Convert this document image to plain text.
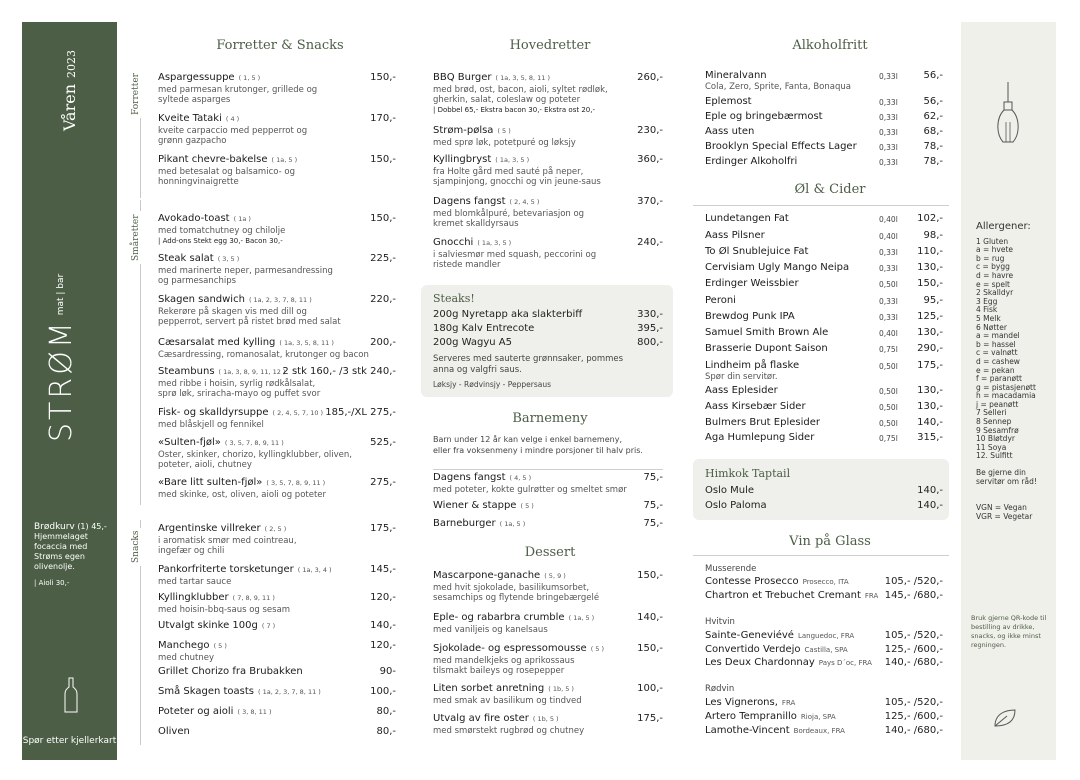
Våren2023
$STRØM^{mat | bar}$
Brødkurv (1) 45,-
Hjemmelaget focaccia med Strøms egen olivenolje.
| Aioli 30,-
Spør etter kjellerkart
Allergener:
1 Gluten
a = hvete
b = rug
c = bygg
d = havre
e = spelt
2 Skalldyr
3 Egg
4 Fisk
5 Melk
6 Nøtter
a = mandel
b = hassel
c = valnøtt
d = cashew
e = pekan
f = paranøtt
g = pistasjenøtt
h = macadamia
j = peanøtt
7 Selleri
8 Sennep
9 Sesamfrø
10 Bløtdyr
11 Soya
12. Sulfitt
Be gjerne din
servitør om råd!
VGN = Vegan
VGR = Vegetar
Bruk gjerne QR-kode til bestilling av drikke, snacks, og ikke minst regningen.
Forretter
Småretter
Snacks
Forretter & Snacks	Hovedretter	Alkoholfritt
Øl & Cider
Barnemeny
Dessert
Vin på Glass
Aspargessuppe ( 1, 5 )
med parmesan krutonger, grillede og
syltede asparges
150,-
Kveite Tataki ( 4 )
kveite carpaccio med pepperrot og
grønn gazpacho
170,-
Pikant chevre-bakelse ( 1a, 5 )
med betesalat og balsamico- og
honningvinaigrette
150,-
Avokado-toast ( 1a )
med tomatchutney og chilolje
| Add-ons Stekt egg 30,- Bacon 30,-
150,-
Steak salat ( 3, 5 )
med marinerte neper, parmesandressing
og parmesanchips
225,-
Skagen sandwich ( 1a, 2, 3, 7, 8, 11 )
Rekerøre på skagen vis med dill og
pepperrot, servert på ristet brød med salat
220,-
Cæsarsalat med kylling ( 1a, 3, 5, 8, 11 )
Cæsardressing, romanosalat, krutonger og bacon
200,-
Steambuns ( 1a, 3, 8, 9, 11, 12 )
med ribbe i hoisin, syrlig rødkålsalat,
sprø løk, sriracha-mayo og puffet svor
2 stk 160,- /3 stk 240,-
Fisk- og skalldyrsuppe ( 2, 4, 5, 7, 10 )
med blåskjell og fennikel
185,-/XL 275,-
«Sulten-fjøl» ( 3, 5, 7, 8, 9, 11 )
Oster, skinker, chorizo, kyllingklubber, oliven,
poteter, aioli, chutney
525,-
«Bare litt sulten-fjøl» ( 3, 5, 7, 8, 9, 11 )
med skinke, ost, oliven, aioli og poteter
275,-
Argentinske villreker ( 2, 5 )
i aromatisk smør med cointreau,
ingefær og chili
175,-
Pankorfriterte torsketunger ( 1a, 3, 4 )
med tartar sauce
145,-
Kyllingklubber ( 7, 8, 9, 11 )
med hoisin-bbq-saus og sesam
120,-
Utvalgt skinke 100g ( 7 )	140,-
Manchego ( 5 )
med chutney
120,-
Grillet Chorizo fra Brubakken	90-
Små Skagen toasts ( 1a, 2, 3, 7, 8, 11 )	100,-
Poteter og aioli ( 3, 8, 11 )	80,-
Oliven	80,-
BBQ Burger ( 1a, 3, 5, 8, 11 )
med brød, ost, bacon, aioli, syltet rødløk,
gherkin, salat, coleslaw og poteter
| Dobbel 65,- Ekstra bacon 30,- Ekstra ost 20,-
260,-
Strøm-pølsa ( 5 )
med sprø løk, potetpuré og løksjy
230,-
Kyllingbryst ( 1a, 3, 5 )
fra Holte gård med sauté på neper,
sjampinjong, gnocchi og vin jeune-saus
360,-
Dagens fangst ( 2, 4, 5 )
med blomkålpuré, betevariasjon og
kremet skalldyrsaus
370,-
Gnocchi ( 1a, 3, 5 )
i salviesmør med squash, peccorini og
ristede mandler
240,-
Steaks!
200g Nyretapp aka slakterbiff	330,-
180g Kalv Entrecote	395,-
200g Wagyu A5	800,-
Serveres med sauterte grønnsaker, pommes
anna og valgfri saus.
Løksjy - Rødvinsjy - Peppersaus
Barn under 12 år kan velge i enkel barnemeny,
eller fra voksenmeny i mindre porsjoner til halv pris.
Dagens fangst ( 4, 5 )
med poteter, kokte gulrøtter og smeltet smør
75,-
Wiener & stappe ( 5 )	75,-
Barneburger ( 1a, 5 )	75,-
Mascarpone-ganache ( 5, 9 )
med hvit sjokolade, basilikumsorbet,
sesamchips og flytende bringebærgelé
150,-
Eple- og rabarbra crumble ( 1a, 5 )
med vaniljeis og kanelsaus
140,-
Sjokolade- og espressomousse ( 5 )
med mandelkjeks og aprikossaus
tilsmakt baileys og rosepepper
150,-
Liten sorbet anretning ( 1b, 5 )
med smak av basilikum og tindved
100,-
Utvalg av fire oster ( 1b, 5 )
med smørstekt rugbrød og chutney
175,-
Mineralvann
Cola, Zero, Sprite, Fanta, Bonaqua
0,33l	56,-
Eplemost	0,33l	56,-
Eple og bringebærmost	0,33l	62,-
Aass uten	0,33l	68,-
Brooklyn Special Effects Lager	0,33l	78,-
Erdinger Alkoholfri	0,33l	78,-
Lundetangen Fat	0,40l	102,-
Aass Pilsner	0,40l	98,-
To Øl Snublejuice Fat	0,33l	110,-
Cervisiam Ugly Mango Neipa	0,33l	130,-
Erdinger Weissbier	0,50l	150,-
Peroni	0,33l	95,-
Brewdog Punk IPA	0,33l	125,-
Samuel Smith Brown Ale	0,40l	130,-
Brasserie Dupont Saison	0,75l	290,-
Lindheim på flaske
Spør din servitør.
0,50l	175,-
Aass Eplesider	0,50l	130,-
Aass Kirsebær Sider	0,50l	130,-
Bulmers Brut Eplesider	0,50l	140,-
Aga Humlepung Sider	0,75l	315,-
Himkok Taptail
Oslo Mule	140,-
Oslo Paloma	140,-
Musserende
Contesse Prosecco Prosecco, ITA	105,- /520,-
Chartron et Trebuchet Cremant FRA 145,- /680,-
Hvitvin
Sainte-Geneviévé Languedoc, FRA	105,- /520,-
Convertido Verdejo Castilla, SPA	125,- /600,-
Les Deux Chardonnay Pays D´oc, FRA	140,- /680,-
Rødvin
Les Vignerons, FRA	105,- /520,-
Artero Tempranillo Rioja, SPA	125,- /600,-
Lamothe-Vincent Bordeaux, FRA	140,- /680,-
